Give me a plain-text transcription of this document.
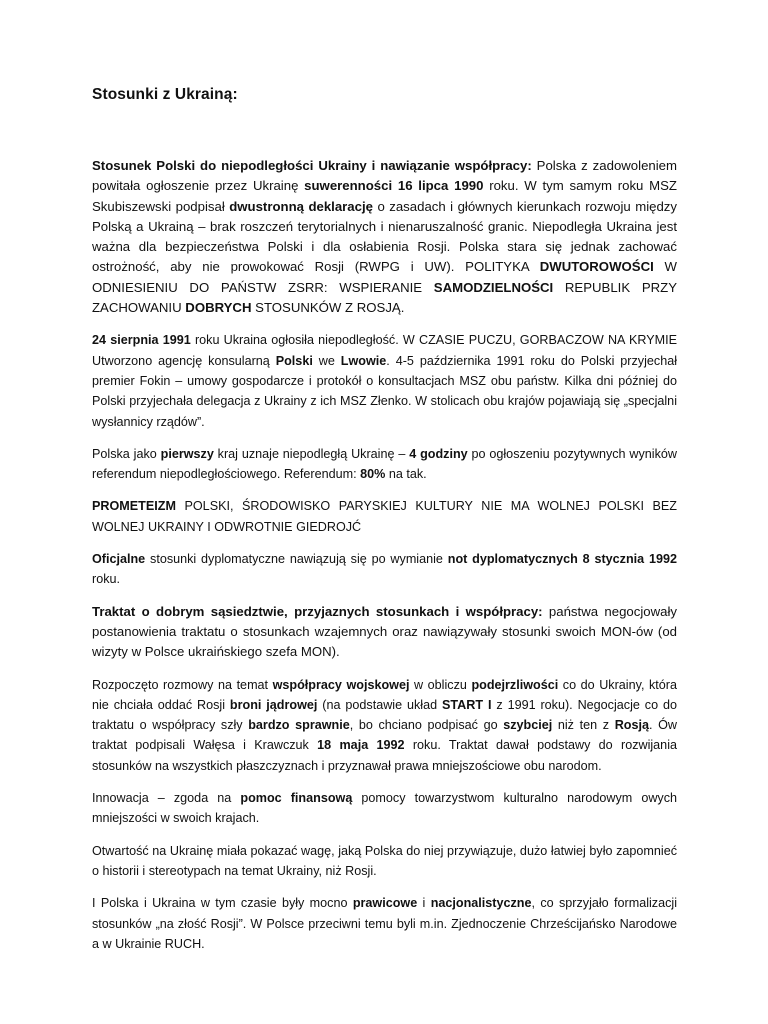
Stosunki z Ukrainą:

Stosunek Polski do niepodległości Ukrainy i nawiązanie współpracy: Polska z zadowoleniem powitała ogłoszenie przez Ukrainę suwerenności 16 lipca 1990 roku. W tym samym roku MSZ Skubiszewski podpisał dwustronną deklarację o zasadach i głównych kierunkach rozwoju między Polską a Ukrainą – brak roszczeń terytorialnych i nienaruszalność granic. Niepodległa Ukraina jest ważna dla bezpieczeństwa Polski i dla osłabienia Rosji. Polska stara się jednak zachować ostrożność, aby nie prowokować Rosji (RWPG i UW). POLITYKA DWUTOROWOŚCI W ODNIESIENIU DO PAŃSTW ZSRR: WSPIERANIE SAMODZIELNOŚCI REPUBLIK PRZY ZACHOWANIU DOBRYCH STOSUNKÓW Z ROSJĄ.

24 sierpnia 1991 roku Ukraina ogłosiła niepodległość. W CZASIE PUCZU, GORBACZOW NA KRYMIE Utworzono agencję konsularną Polski we Lwowie. 4-5 października 1991 roku do Polski przyjechał premier Fokin – umowy gospodarcze i protokół o konsultacjach MSZ obu państw. Kilka dni później do Polski przyjechała delegacja z Ukrainy z ich MSZ Złenko. W stolicach obu krajów pojawiają się „specjalni wysłannicy rządów”.

Polska jako pierwszy kraj uznaje niepodległą Ukrainę – 4 godziny po ogłoszeniu pozytywnych wyników referendum niepodległościowego. Referendum: 80% na tak.

PROMETEIZM POLSKI, ŚRODOWISKO PARYSKIEJ KULTURY NIE MA WOLNEJ POLSKI BEZ WOLNEJ UKRAINY I ODWROTNIE GIEDROJĆ

Oficjalne stosunki dyplomatyczne nawiązują się po wymianie not dyplomatycznych 8 stycznia 1992 roku.

Traktat o dobrym sąsiedztwie, przyjaznych stosunkach i współpracy: państwa negocjowały postanowienia traktatu o stosunkach wzajemnych oraz nawiązywały stosunki swoich MON-ów (od wizyty w Polsce ukraińskiego szefa MON).

Rozpoczęto rozmowy na temat współpracy wojskowej w obliczu podejrzliwości co do Ukrainy, która nie chciała oddać Rosji broni jądrowej (na podstawie układ START I z 1991 roku). Negocjacje co do traktatu o współpracy szły bardzo sprawnie, bo chciano podpisać go szybciej niż ten z Rosją. Ów traktat podpisali Wałęsa i Krawczuk 18 maja 1992 roku. Traktat dawał podstawy do rozwijania stosunków na wszystkich płaszczyznach i przyznawał prawa mniejszościowe obu narodom.

Innowacja – zgoda na pomoc finansową pomocy towarzystwom kulturalno narodowym owych mniejszości w swoich krajach.

Otwartość na Ukrainę miała pokazać wagę, jaką Polska do niej przywiązuje, dużo łatwiej było zapomnieć o historii i stereotypach na temat Ukrainy, niż Rosji.

I Polska i Ukraina w tym czasie były mocno prawicowe i nacjonalistyczne, co sprzyjało formalizacji stosunków „na złość Rosji”. W Polsce przeciwni temu byli m.in. Zjednoczenie Chrześcijańsko Narodowe a w Ukrainie RUCH.
